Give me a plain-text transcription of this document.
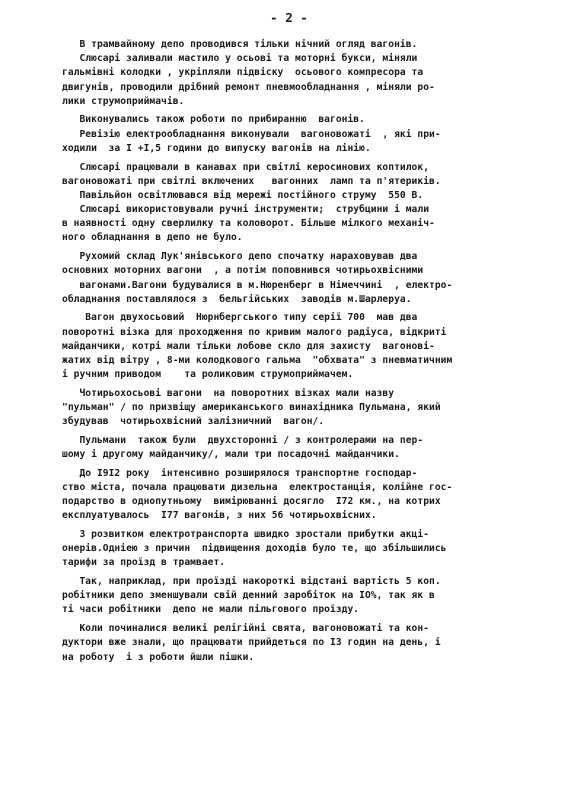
- 2 -
В трамвайному депо проводився тільки нічний огляд вагонів.
Слюсарі заливали мастило у осьові та моторні букси, міняли
гальмівні колодки , укріпляли підвіску  осьового компресора та
двигунів, проводили дрібний ремонт пневмообладнання , міняли ро-
лики струмоприймачів.
Виконувались також роботи по прибиранню  вагонів.
Ревізію електрообладнання виконували  вагоновожаті  , які при-
ходили  за I +I,5 години до випуску вагонів на лінію.
Слюсарі працювали в канавах при світлі керосинових коптилок,
вагоновожаті при світлі включених   вагонних  ламп та п'ятериків.
Павільйон освітлювався від мережі постійного струму  550 В.
Слюсарі використовували ручні інструменти;  струбцини і мали
в наявності одну сверлилку та коловорот. Більше мілкого механіч-
ного обладнання в депо не було.
Рухомий склад Лук'янівського депо спочатку нараховував два
основних моторних вагони  , а потім поповнився чотирьохвісними
вагонами.Вагони будувалися в м.Нюренберг в Німеччині  , електро-
обладнання поставлялося з  бельгійських  заводів м.Шарлеруа.
Вагон двухосьовий  Нюрнбергського типу серії 700  мав два
поворотні візка для проходження по кривим малого радіуса, відкриті
майданчики, котрі мали тільки лобове скло для захисту  вагонові-
жатих від вітру , 8-ми колодкового гальма  "обхвата" з пневматичним
і ручним приводом    та роликовим струмоприймачем.
Чотирьохосьові вагони  на поворотних візках мали назву
"пульман" / по призвіщу американського винахідника Пульмана, який
збудував  чотирьохвісний залізничний  вагон/.
Пульмани  також були  двухсторонні / з контролерами на пер-
шому і другому майданчику/, мали три посадочні майданчики.
До I9I2 року  інтенсивно розширялося транспортне господар-
ство міста, почала працювати дизельна  електростанція, колійне гос-
подарство в однопутньому  вимірюванні досягло  I72 км., на котрих
експлуатувалось  I77 вагонів, з них 56 чотирьохвісних.
З розвитком електротранспорта швидко зростали прибутки акці-
онерів.Одніею з причин  підвищення доходів було те, що збільшились
тарифи за проїзд в трамвает.
Так, наприклад, при проїзді накороткі відстані вартість 5 коп.
робітники депо зменшували свій денний заробіток на IO%, так як в
ті часи робітники  депо не мали пільгового проїзду.
Коли починалися великі релігійні свята, вагоновожаті та кон-
дуктори вже знали, що працювати прийдеться по I3 годин на день, і
на роботу  і з роботи йшли пішки.
